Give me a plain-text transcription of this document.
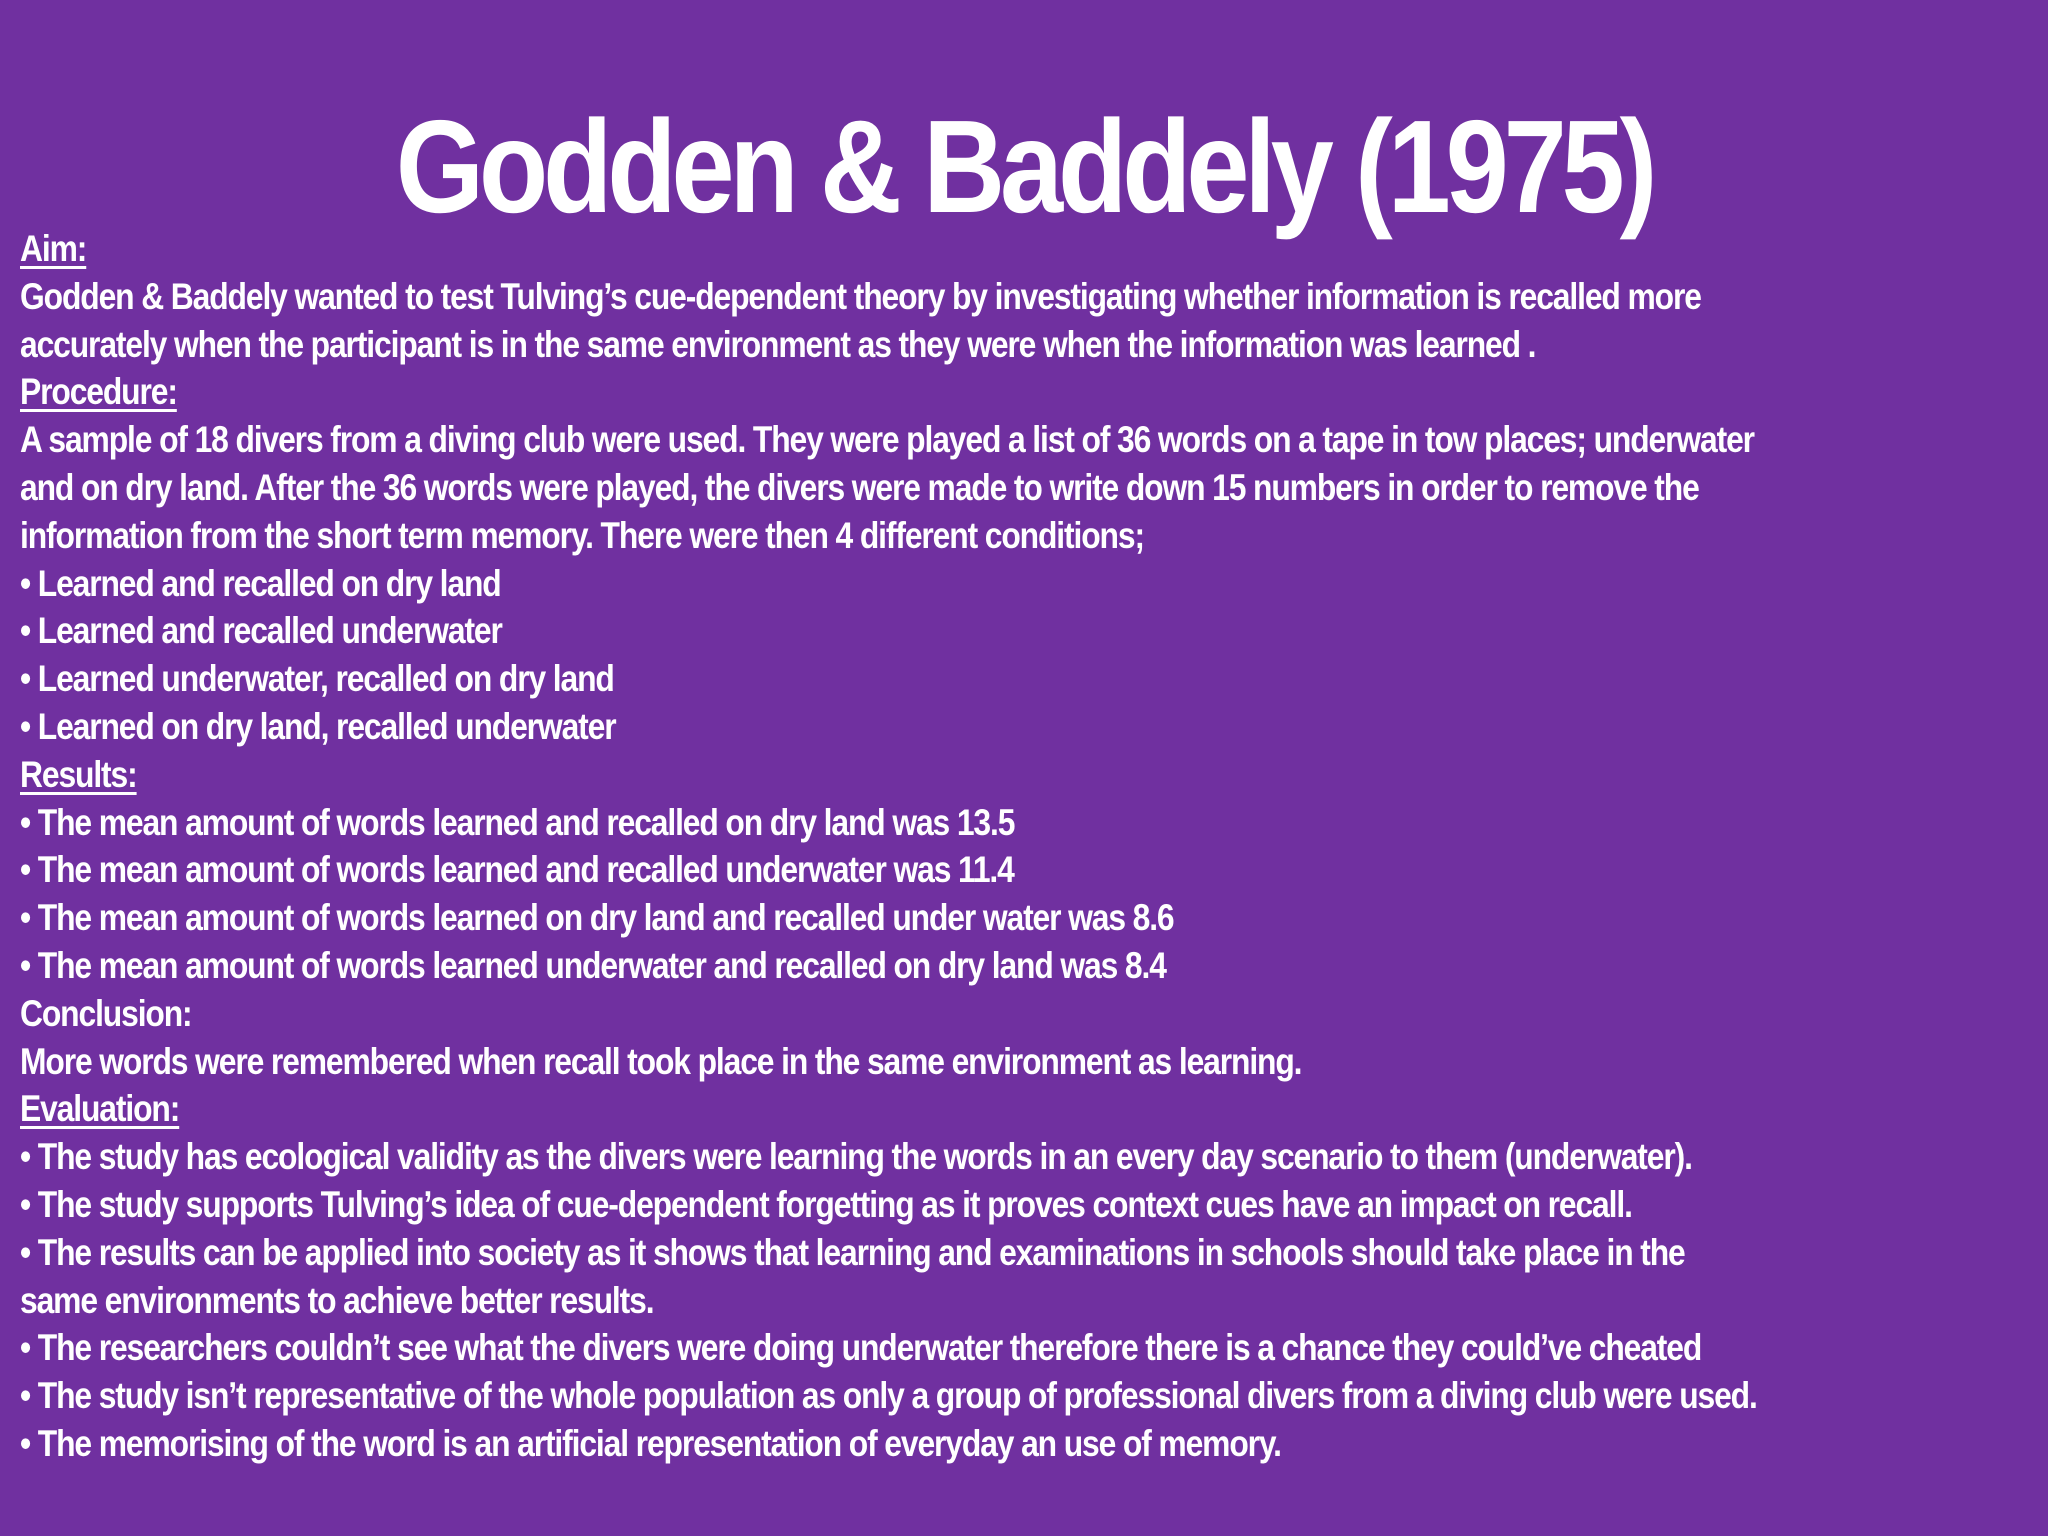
Godden & Baddely (1975)
Aim:
Godden & Baddely wanted to test Tulving’s cue-dependent theory by investigating whether information is recalled more
accurately when the participant is in the same environment as they were when the information was learned .
Procedure:
A sample of 18 divers from a diving club were used. They were played a list of 36 words on a tape in tow places; underwater
and on dry land. After the 36 words were played, the divers were made to write down 15 numbers in order to remove the
information from the short term memory. There were then 4 different conditions;
• Learned and recalled on dry land
• Learned and recalled underwater
• Learned underwater, recalled on dry land
• Learned on dry land, recalled underwater
Results:
• The mean amount of words learned and recalled on dry land was 13.5
• The mean amount of words learned and recalled underwater was 11.4
• The mean amount of words learned on dry land and recalled under water was 8.6
• The mean amount of words learned underwater and recalled on dry land was 8.4
Conclusion:
More words were remembered when recall took place in the same environment as learning.
Evaluation:
• The study has ecological validity as the divers were learning the words in an every day scenario to them (underwater).
• The study supports Tulving’s idea of cue-dependent forgetting as it proves context cues have an impact on recall.
• The results can be applied into society as it shows that learning and examinations in schools should take place in the
same environments to achieve better results.
• The researchers couldn’t see what the divers were doing underwater therefore there is a chance they could’ve cheated
• The study isn’t representative of the whole population as only a group of professional divers from a diving club were used.
• The memorising of the word is an artificial representation of everyday an use of memory.
